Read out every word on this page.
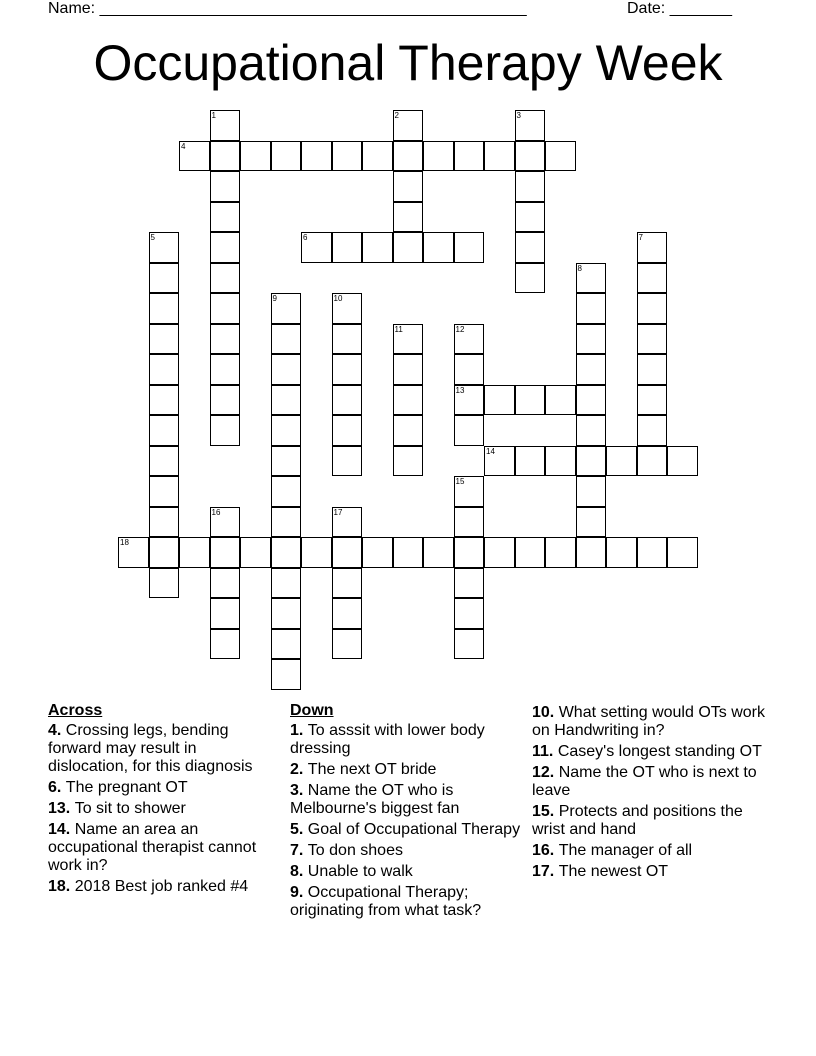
Name: ________________________________________________	Date: _______
Occupational Therapy Week
1	2	3
4
5	6	7
8
9	10
11	12
13
14
15
16	17
18
Across
4. Crossing legs, bending forward may result in dislocation, for this diagnosis
6. The pregnant OT
13. To sit to shower
14. Name an area an occupational therapist cannot work in?
18. 2018 Best job ranked #4
Down
1. To asssit with lower body dressing
2. The next OT bride
3. Name the OT who is Melbourne's biggest fan
5. Goal of Occupational Therapy
7. To don shoes
8. Unable to walk
9. Occupational Therapy; originating from what task?
10. What setting would OTs work on Handwriting in?
11. Casey's longest standing OT
12. Name the OT who is next to leave
15. Protects and positions the wrist and hand
16. The manager of all
17. The newest OT
